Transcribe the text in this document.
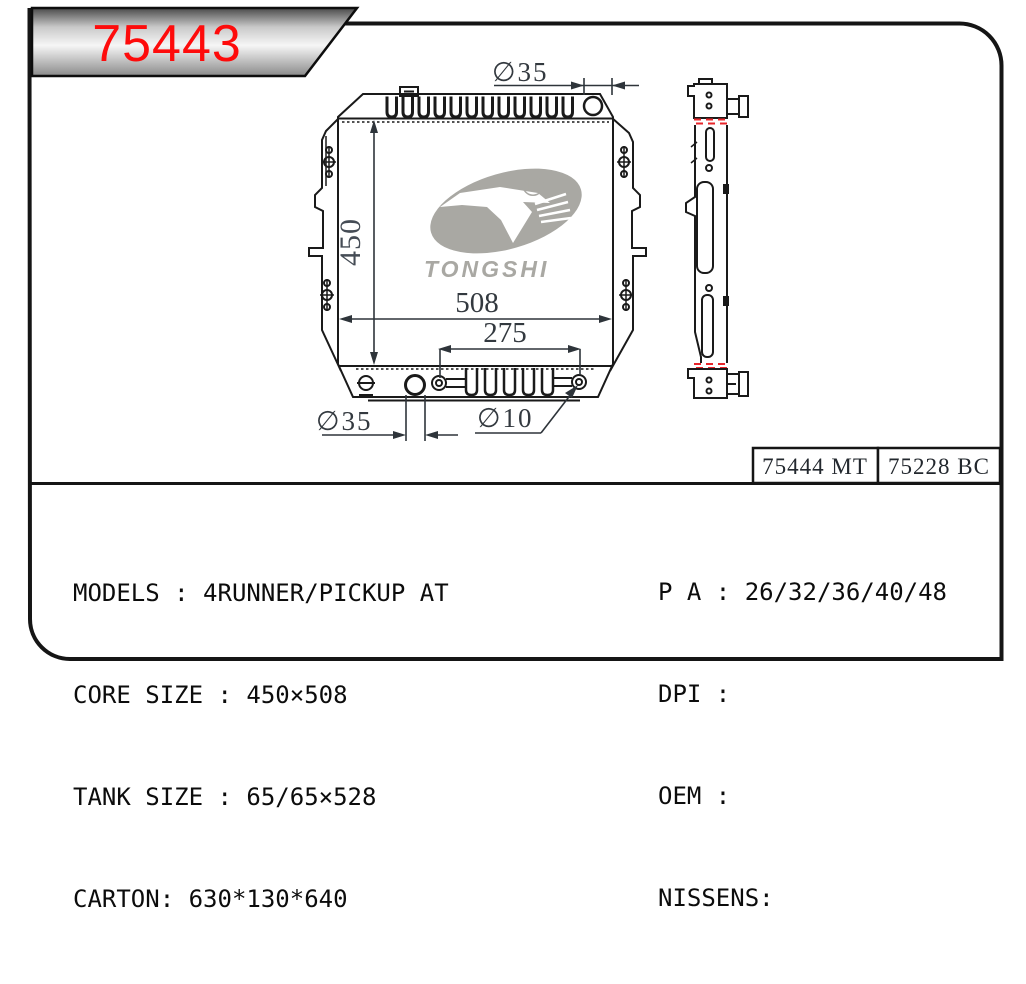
75443
®
TONGSHI
450
508
275
∅35
∅35	∅10
75444 MT 75228 BC

MODELS : 4RUNNER/PICKUP AT

CORE SIZE : 450×508

TANK SIZE : 65/65×528

CARTON: 630*130*640

P A : 26/32/36/40/48

DPI :

OEM :

NISSENS:
